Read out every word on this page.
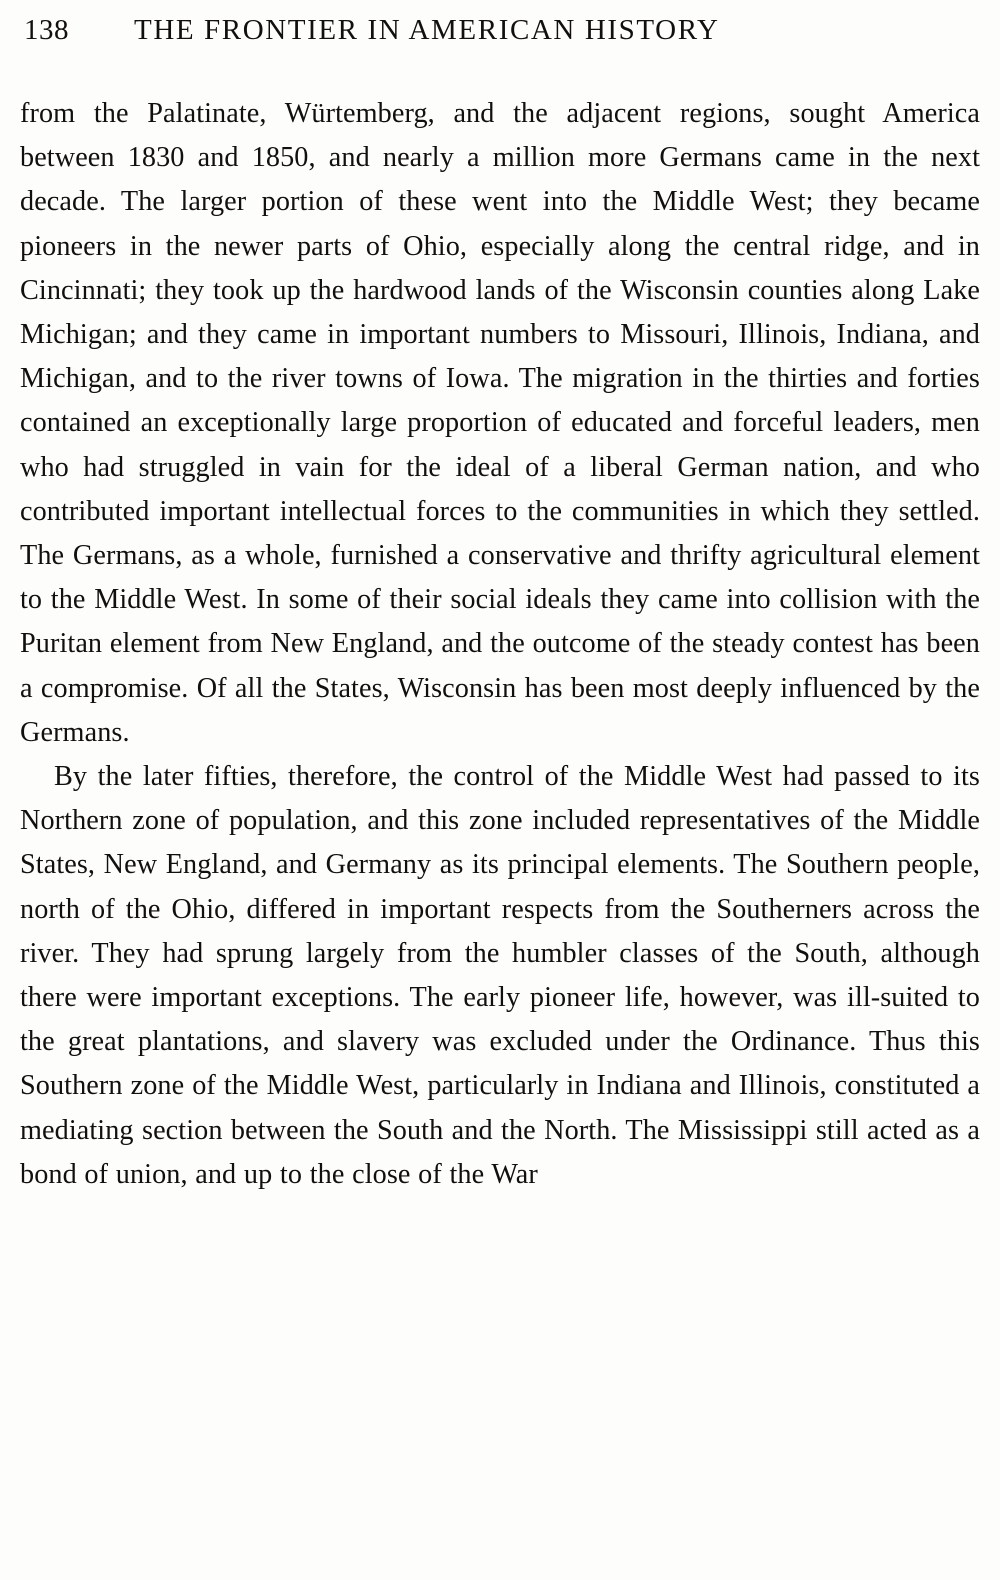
138	THE FRONTIER IN AMERICAN HISTORY

from the Palatinate, Würtemberg, and the adjacent regions, sought America between 1830 and 1850, and nearly a million more Germans came in the next decade. The larger portion of these went into the Middle West; they became pioneers in the newer parts of Ohio, especially along the central ridge, and in Cincinnati; they took up the hardwood lands of the Wisconsin counties along Lake Michigan; and they came in important numbers to Missouri, Illinois, Indiana, and Michigan, and to the river towns of Iowa. The migration in the thirties and forties contained an exceptionally large proportion of educated and forceful leaders, men who had struggled in vain for the ideal of a liberal German nation, and who contributed important intellectual forces to the communities in which they settled. The Germans, as a whole, furnished a conservative and thrifty agricultural element to the Middle West. In some of their social ideals they came into collision with the Puritan element from New England, and the outcome of the steady contest has been a compromise. Of all the States, Wisconsin has been most deeply influenced by the Germans.

By the later fifties, therefore, the control of the Middle West had passed to its Northern zone of population, and this zone included representatives of the Middle States, New England, and Germany as its principal elements. The Southern people, north of the Ohio, differed in important respects from the Southerners across the river. They had sprung largely from the humbler classes of the South, although there were important exceptions. The early pioneer life, however, was ill-suited to the great plantations, and slavery was excluded under the Ordinance. Thus this Southern zone of the Middle West, particularly in Indiana and Illinois, constituted a mediating section between the South and the North. The Mississippi still acted as a bond of union, and up to the close of the War
